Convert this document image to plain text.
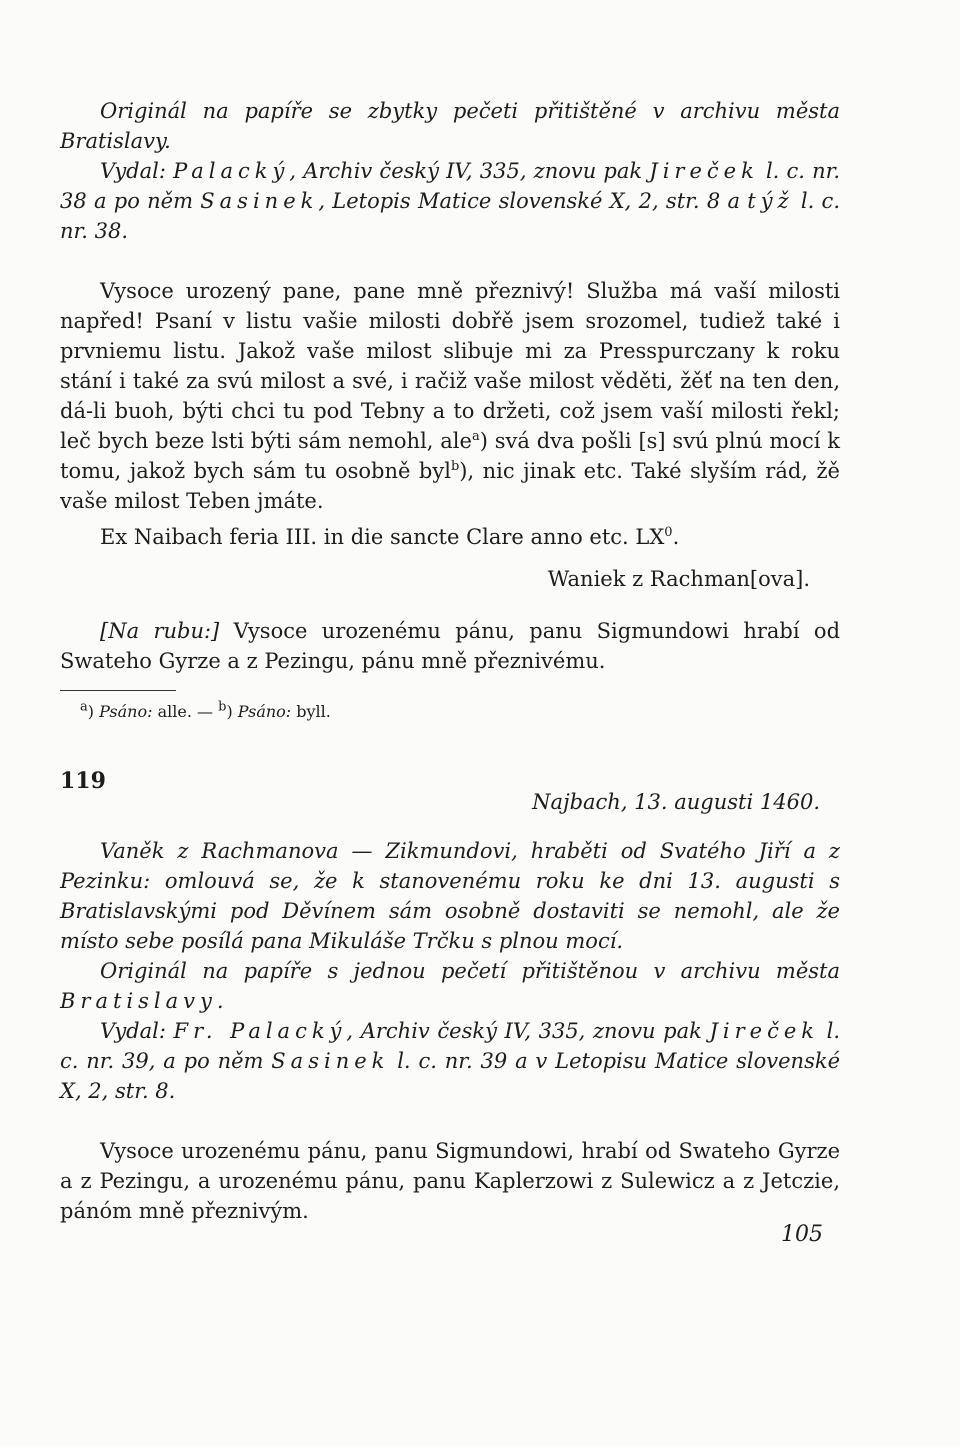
Originál na papíře se zbytky pečeti přitištěné v archivu města Bratislavy.

Vydal: Palacký, Archiv český IV, 335, znovu pak Jireček l. c. nr. 38 a po něm Sasinek, Letopis Matice slovenské X, 2, str. 8 a týž l. c. nr. 38.

Vysoce urozený pane, pane mně přeznivý! Služba má vaší milosti napřed! Psaní v listu vašie milosti dobřě jsem srozomel, tudiež také i prvniemu listu. Jakož vaše milost slibuje mi za Presspurczany k roku stání i také za svú milost a své, i račiž vaše milost věděti, žěť na ten den, dá-li buoh, býti chci tu pod Tebny a to držeti, což jsem vaší milosti řekl; leč bych beze lsti býti sám nemohl, ale$^a$) svá dva pošli [s] svú plnú mocí k tomu, jakož bych sám tu osobně byl$^b$), nic jinak etc. Také slyším rád, žě vaše milost Teben jmáte.

Ex Naibach feria III. in die sancte Clare anno etc. $LX^0$.

Waniek z Rachman[ova].

[Na rubu:] Vysoce urozenému pánu, panu Sigmundowi hrabí od Swateho Gyrze a z Pezingu, pánu mně přeznivému.

$^a$) Psáno: alle. — $^b$) Psáno: byll.

119
Najbach, 13. augusti 1460.

Vaněk z Rachmanova — Zikmundovi, hraběti od Svatého Jiří a z Pezinku: omlouvá se, že k stanovenému roku ke dni 13. augusti s Bratislavskými pod Děvínem sám osobně dostaviti se nemohl, ale že místo sebe posílá pana Mikuláše Trčku s plnou mocí.

Originál na papíře s jednou pečetí přitištěnou v archivu města Bratislavy.

Vydal: Fr. Palacký, Archiv český IV, 335, znovu pak Jireček l. c. nr. 39, a po něm Sasinek l. c. nr. 39 a v Letopisu Matice slovenské X, 2, str. 8.

Vysoce urozenému pánu, panu Sigmundowi, hrabí od Swateho Gyrze a z Pezingu, a urozenému pánu, panu Kaplerzowi z Sulewicz a z Jetczie, pánóm mně přeznivým.

105
